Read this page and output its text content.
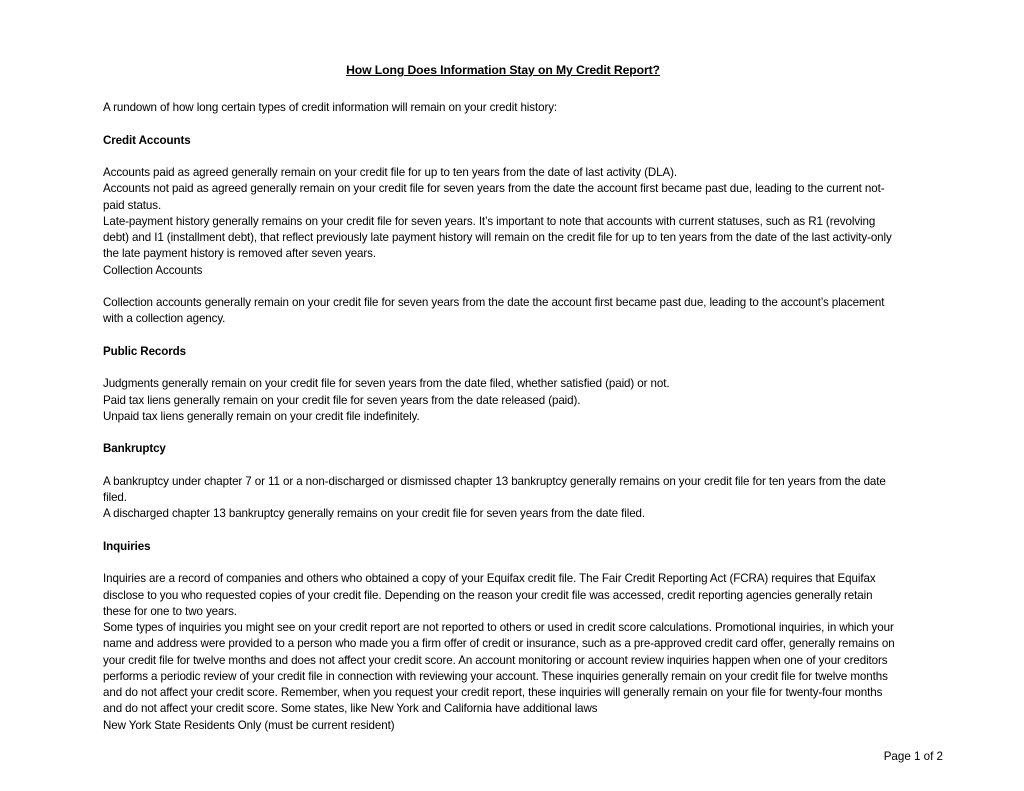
How Long Does Information Stay on My Credit Report?

A rundown of how long certain types of credit information will remain on your credit history:

Credit Accounts

Accounts paid as agreed generally remain on your credit file for up to ten years from the date of last activity (DLA).

Accounts not paid as agreed generally remain on your credit file for seven years from the date the account first became past due, leading to the current not-paid status.

Late-payment history generally remains on your credit file for seven years. It’s important to note that accounts with current statuses, such as R1 (revolving debt) and I1 (installment debt), that reflect previously late payment history will remain on the credit file for up to ten years from the date of the last activity-only the late payment history is removed after seven years.

Collection Accounts

Collection accounts generally remain on your credit file for seven years from the date the account first became past due, leading to the account’s placement with a collection agency.

Public Records

Judgments generally remain on your credit file for seven years from the date filed, whether satisfied (paid) or not.

Paid tax liens generally remain on your credit file for seven years from the date released (paid).

Unpaid tax liens generally remain on your credit file indefinitely.

Bankruptcy

A bankruptcy under chapter 7 or 11 or a non-discharged or dismissed chapter 13 bankruptcy generally remains on your credit file for ten years from the date filed.

A discharged chapter 13 bankruptcy generally remains on your credit file for seven years from the date filed.

Inquiries

Inquiries are a record of companies and others who obtained a copy of your Equifax credit file. The Fair Credit Reporting Act (FCRA) requires that Equifax disclose to you who requested copies of your credit file. Depending on the reason your credit file was accessed, credit reporting agencies generally retain these for one to two years.

Some types of inquiries you might see on your credit report are not reported to others or used in credit score calculations. Promotional inquiries, in which your name and address were provided to a person who made you a firm offer of credit or insurance, such as a pre-approved credit card offer, generally remains on your credit file for twelve months and does not affect your credit score. An account monitoring or account review inquiries happen when one of your creditors performs a periodic review of your credit file in connection with reviewing your account. These inquiries generally remain on your credit file for twelve months and do not affect your credit score. Remember, when you request your credit report, these inquiries will generally remain on your file for twenty-four months and do not affect your credit score. Some states, like New York and California have additional laws

New York State Residents Only (must be current resident)

Page 1 of 2
